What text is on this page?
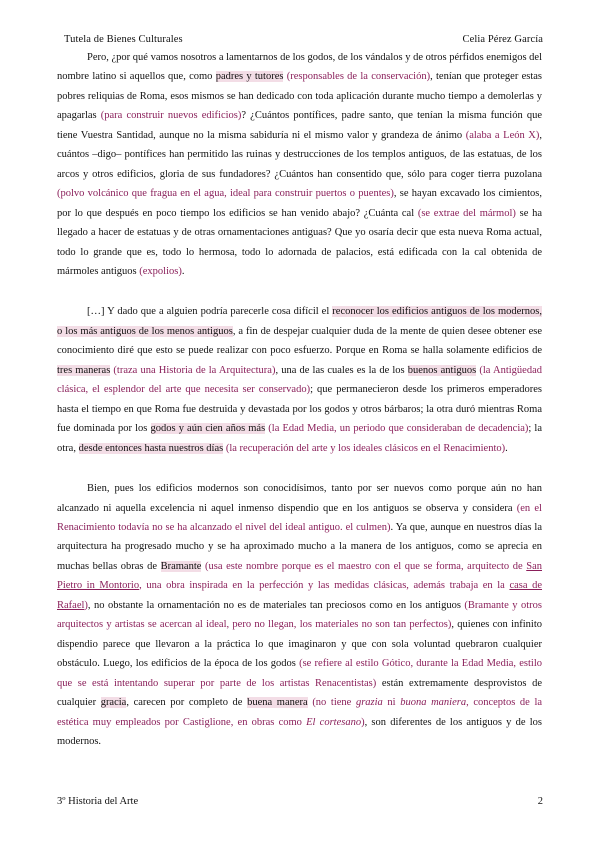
Tutela de Bienes Culturales	Celia Pérez García

Pero, ¿por qué vamos nosotros a lamentarnos de los godos, de los vándalos y de otros pérfidos enemigos del nombre latino si aquellos que, como padres y tutores (responsables de la conservación), tenían que proteger estas pobres reliquias de Roma, esos mismos se han dedicado con toda aplicación durante mucho tiempo a demolerlas y apagarlas (para construir nuevos edificios)? ¿Cuántos pontífices, padre santo, que tenían la misma función que tiene Vuestra Santidad, aunque no la misma sabiduría ni el mismo valor y grandeza de ánimo (alaba a León X), cuántos –digo– pontífices han permitido las ruinas y destrucciones de los templos antiguos, de las estatuas, de los arcos y otros edificios, gloria de sus fundadores? ¿Cuántos han consentido que, sólo para coger tierra puzolana (polvo volcánico que fragua en el agua, ideal para construir puertos o puentes), se hayan excavado los cimientos, por lo que después en poco tiempo los edificios se han venido abajo? ¿Cuánta cal (se extrae del mármol) se ha llegado a hacer de estatuas y de otras ornamentaciones antiguas? Que yo osaría decir que esta nueva Roma actual, todo lo grande que es, todo lo hermosa, todo lo adornada de palacios, está edificada con la cal obtenida de mármoles antiguos (expolios).

[…] Y dado que a alguien podría parecerle cosa difícil el reconocer los edificios antiguos de los modernos, o los más antiguos de los menos antiguos, a fin de despejar cualquier duda de la mente de quien desee obtener ese conocimiento diré que esto se puede realizar con poco esfuerzo. Porque en Roma se halla solamente edificios de tres maneras (traza una Historia de la Arquitectura), una de las cuales es la de los buenos antiguos (la Antigüedad clásica, el esplendor del arte que necesita ser conservado); que permanecieron desde los primeros emperadores hasta el tiempo en que Roma fue destruida y devastada por los godos y otros bárbaros; la otra duró mientras Roma fue dominada por los godos y aún cien años más (la Edad Media, un periodo que consideraban de decadencia); la otra, desde entonces hasta nuestros días (la recuperación del arte y los ideales clásicos en el Renacimiento).

Bien, pues los edificios modernos son conocidísimos, tanto por ser nuevos como porque aún no han alcanzado ni aquella excelencia ni aquel inmenso dispendio que en los antiguos se observa y considera (en el Renacimiento todavía no se ha alcanzado el nivel del ideal antiguo. el culmen). Ya que, aunque en nuestros días la arquitectura ha progresado mucho y se ha aproximado mucho a la manera de los antiguos, como se aprecia en muchas bellas obras de Bramante (usa este nombre porque es el maestro con el que se forma, arquitecto de San Pietro in Montorio, una obra inspirada en la perfección y las medidas clásicas, además trabaja en la casa de Rafael), no obstante la ornamentación no es de materiales tan preciosos como en los antiguos (Bramante y otros arquitectos y artistas se acercan al ideal, pero no llegan, los materiales no son tan perfectos), quienes con infinito dispendio parece que llevaron a la práctica lo que imaginaron y que con sola voluntad quebraron cualquier obstáculo. Luego, los edificios de la época de los godos (se refiere al estilo Gótico, durante la Edad Media, estilo que se está intentando superar por parte de los artistas Renacentistas) están extremamente desprovistos de cualquier gracia, carecen por completo de buena manera (no tiene grazia ni buona maniera, conceptos de la estética muy empleados por Castiglione, en obras como El cortesano), son diferentes de los antiguos y de los modernos.

3º Historia del Arte	2
